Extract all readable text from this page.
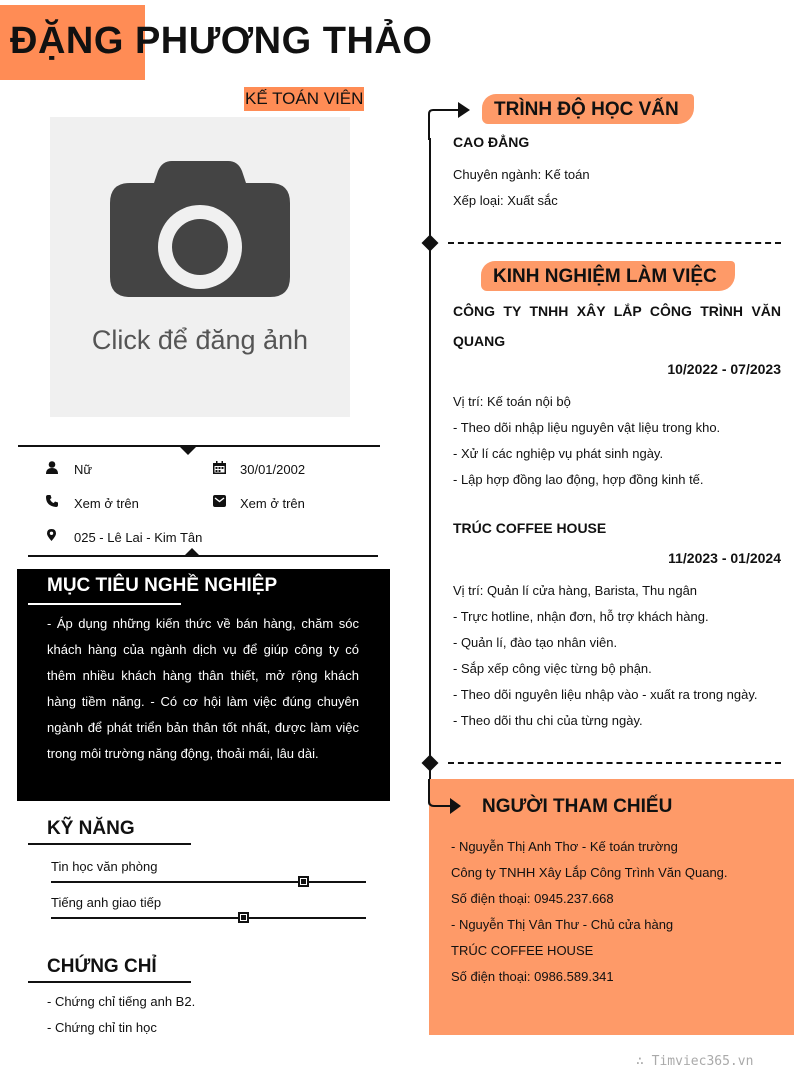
ĐẶNG PHƯƠNG THẢO
KẾ TOÁN VIÊN
Click để đăng ảnh
Nữ	30/01/2002
Xem ở trên	Xem ở trên
025 - Lê Lai - Kim Tân
MỤC TIÊU NGHỀ NGHIỆP
- Áp dụng những kiến thức về bán hàng, chăm sóc khách hàng của ngành dịch vụ để giúp công ty có thêm nhiều khách hàng thân thiết, mở rộng khách hàng tiềm năng. - Có cơ hội làm việc đúng chuyên ngành để phát triển bản thân tốt nhất, được làm việc trong môi trường năng động, thoải mái, lâu dài.
KỸ NĂNG
Tin học văn phòng
Tiếng anh giao tiếp
CHỨNG CHỈ
- Chứng chỉ tiếng anh B2.
- Chứng chỉ tin học
TRÌNH ĐỘ HỌC VẤN
CAO ĐẲNG
Chuyên ngành: Kế toán
Xếp loại: Xuất sắc
KINH NGHIỆM LÀM VIỆC
CÔNG TY TNHH XÂY LẮP CÔNG TRÌNH VĂN
QUANG
10/2022 - 07/2023
Vị trí: Kế toán nội bộ
- Theo dõi nhập liệu nguyên vật liệu trong kho.
- Xử lí các nghiệp vụ phát sinh ngày.
- Lập hợp đồng lao động, hợp đồng kinh tế.
TRÚC COFFEE HOUSE
11/2023 - 01/2024
Vị trí: Quản lí cửa hàng, Barista, Thu ngân
- Trực hotline, nhận đơn, hỗ trợ khách hàng.
- Quản lí, đào tạo nhân viên.
- Sắp xếp công việc từng bộ phận.
- Theo dõi nguyên liệu nhập vào - xuất ra trong ngày.
- Theo dõi thu chi của từng ngày.
NGƯỜI THAM CHIẾU
- Nguyễn Thị Anh Thơ - Kế toán trường
Công ty TNHH Xây Lắp Công Trình Văn Quang.
Số điện thoại: 0945.237.668
- Nguyễn Thị Vân Thư - Chủ cửa hàng
TRÚC COFFEE HOUSE
Số điện thoại: 0986.589.341
∴ Timviec365.vn
